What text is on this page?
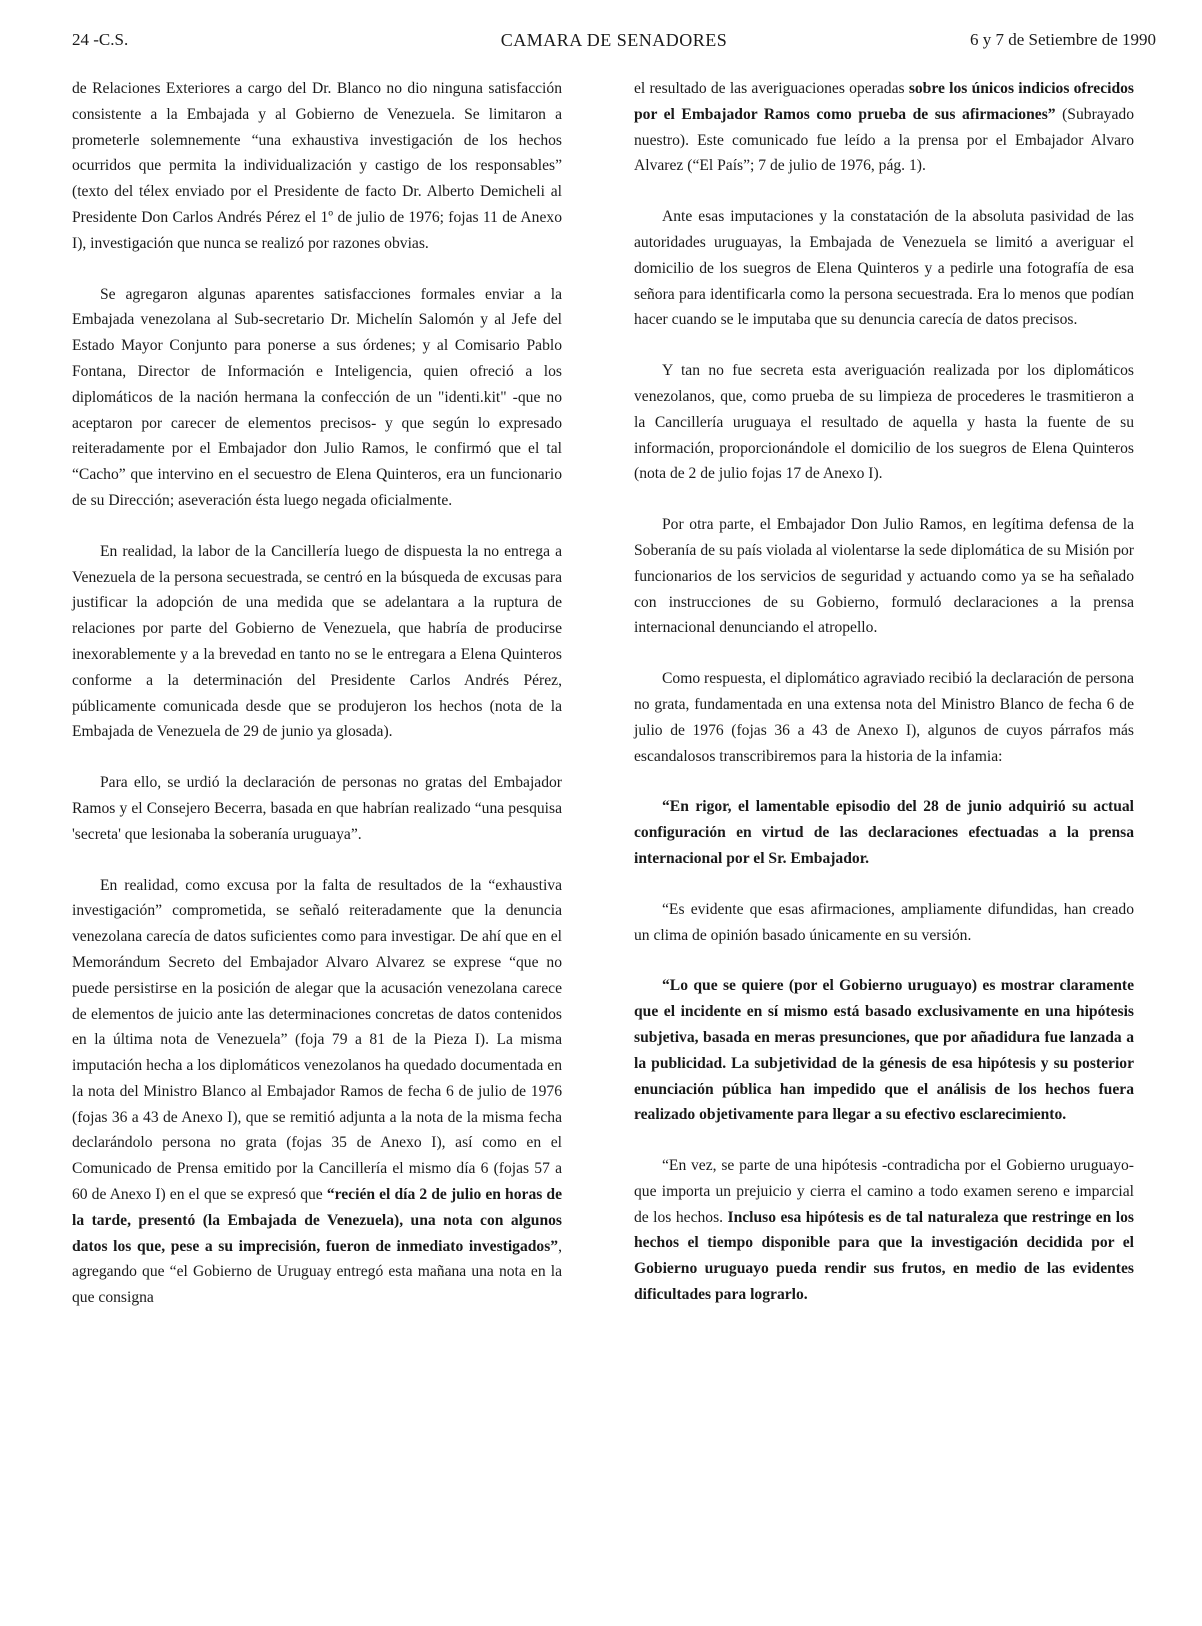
24 -C.S.	CAMARA DE SENADORES	6 y 7 de Setiembre de 1990

de Relaciones Exteriores a cargo del Dr. Blanco no dio ninguna satisfacción consistente a la Embajada y al Gobierno de Venezuela. Se limitaron a prometerle solemnemente “una exhaustiva investigación de los hechos ocurridos que permita la individualización y castigo de los responsables” (texto del télex enviado por el Presidente de facto Dr. Alberto Demicheli al Presidente Don Carlos Andrés Pérez el 1º de julio de 1976; fojas 11 de Anexo I), investigación que nunca se realizó por razones obvias.

Se agregaron algunas aparentes satisfacciones formales enviar a la Embajada venezolana al Sub-secretario Dr. Michelín Salomón y al Jefe del Estado Mayor Conjunto para ponerse a sus órdenes; y al Comisario Pablo Fontana, Director de Información e Inteligencia, quien ofreció a los diplomáticos de la nación hermana la confección de un "identi.kit" -que no aceptaron por carecer de elementos precisos- y que según lo expresado reiteradamente por el Embajador don Julio Ramos, le confirmó que el tal “Cacho” que intervino en el secuestro de Elena Quinteros, era un funcionario de su Dirección; aseveración ésta luego negada oficialmente.

En realidad, la labor de la Cancillería luego de dispuesta la no entrega a Venezuela de la persona secuestrada, se centró en la búsqueda de excusas para justificar la adopción de una medida que se adelantara a la ruptura de relaciones por parte del Gobierno de Venezuela, que habría de producirse inexorablemente y a la brevedad en tanto no se le entregara a Elena Quinteros conforme a la determinación del Presidente Carlos Andrés Pérez, públicamente comunicada desde que se produjeron los hechos (nota de la Embajada de Venezuela de 29 de junio ya glosada).

Para ello, se urdió la declaración de personas no gratas del Embajador Ramos y el Consejero Becerra, basada en que habrían realizado “una pesquisa 'secreta' que lesionaba la soberanía uruguaya”.

En realidad, como excusa por la falta de resultados de la “exhaustiva investigación” comprometida, se señaló reiteradamente que la denuncia venezolana carecía de datos suficientes como para investigar. De ahí que en el Memorándum Secreto del Embajador Alvaro Alvarez se exprese “que no puede persistirse en la posición de alegar que la acusación venezolana carece de elementos de juicio ante las determinaciones concretas de datos contenidos en la última nota de Venezuela” (foja 79 a 81 de la Pieza I). La misma imputación hecha a los diplomáticos venezolanos ha quedado documentada en la nota del Ministro Blanco al Embajador Ramos de fecha 6 de julio de 1976 (fojas 36 a 43 de Anexo I), que se remitió adjunta a la nota de la misma fecha declarándolo persona no grata (fojas 35 de Anexo I), así como en el Comunicado de Prensa emitido por la Cancillería el mismo día 6 (fojas 57 a 60 de Anexo I) en el que se expresó que “recién el día 2 de julio en horas de la tarde, presentó (la Embajada de Venezuela), una nota con algunos datos los que, pese a su imprecisión, fueron de inmediato investigados”, agregando que “el Gobierno de Uruguay entregó esta mañana una nota en la que consigna

el resultado de las averiguaciones operadas sobre los únicos indicios ofrecidos por el Embajador Ramos como prueba de sus afirmaciones” (Subrayado nuestro). Este comunicado fue leído a la prensa por el Embajador Alvaro Alvarez (“El País”; 7 de julio de 1976, pág. 1).

Ante esas imputaciones y la constatación de la absoluta pasividad de las autoridades uruguayas, la Embajada de Venezuela se limitó a averiguar el domicilio de los suegros de Elena Quinteros y a pedirle una fotografía de esa señora para identificarla como la persona secuestrada. Era lo menos que podían hacer cuando se le imputaba que su denuncia carecía de datos precisos.

Y tan no fue secreta esta averiguación realizada por los diplomáticos venezolanos, que, como prueba de su limpieza de procederes le trasmitieron a la Cancillería uruguaya el resultado de aquella y hasta la fuente de su información, proporcionándole el domicilio de los suegros de Elena Quinteros (nota de 2 de julio fojas 17 de Anexo I).

Por otra parte, el Embajador Don Julio Ramos, en legítima defensa de la Soberanía de su país violada al violentarse la sede diplomática de su Misión por funcionarios de los servicios de seguridad y actuando como ya se ha señalado con instrucciones de su Gobierno, formuló declaraciones a la prensa internacional denunciando el atropello.

Como respuesta, el diplomático agraviado recibió la declaración de persona no grata, fundamentada en una extensa nota del Ministro Blanco de fecha 6 de julio de 1976 (fojas 36 a 43 de Anexo I), algunos de cuyos párrafos más escandalosos transcribiremos para la historia de la infamia:

“En rigor, el lamentable episodio del 28 de junio adquirió su actual configuración en virtud de las declaraciones efectuadas a la prensa internacional por el Sr. Embajador.

“Es evidente que esas afirmaciones, ampliamente difundidas, han creado un clima de opinión basado únicamente en su versión.

“Lo que se quiere (por el Gobierno uruguayo) es mostrar claramente que el incidente en sí mismo está basado exclusivamente en una hipótesis subjetiva, basada en meras presunciones, que por añadidura fue lanzada a la publicidad. La subjetividad de la génesis de esa hipótesis y su posterior enunciación pública han impedido que el análisis de los hechos fuera realizado objetivamente para llegar a su efectivo esclarecimiento.

“En vez, se parte de una hipótesis -contradicha por el Gobierno uruguayo- que importa un prejuicio y cierra el camino a todo examen sereno e imparcial de los hechos. Incluso esa hipótesis es de tal naturaleza que restringe en los hechos el tiempo disponible para que la investigación decidida por el Gobierno uruguayo pueda rendir sus frutos, en medio de las evidentes dificultades para lograrlo.
